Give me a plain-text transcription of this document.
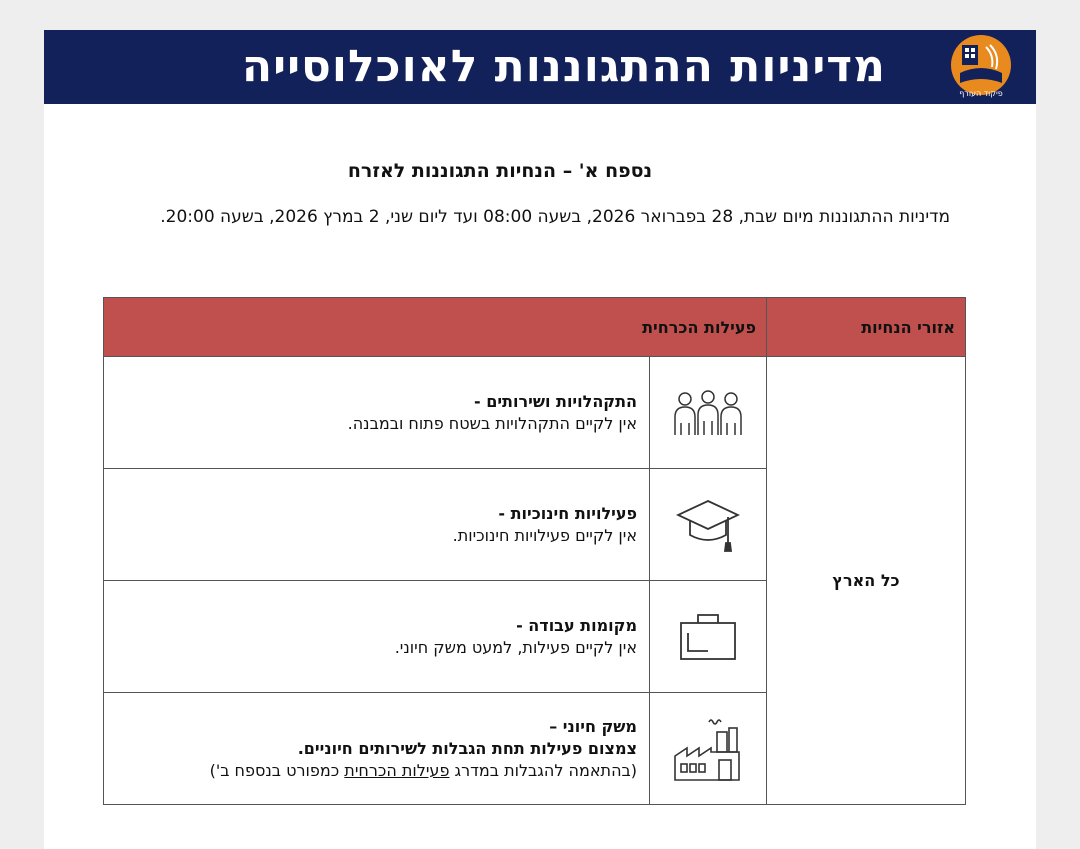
מדיניות ההתגוננות לאוכלוסייה
פיקוד העורף
נספח א' – הנחיות התגוננות לאזרח
מדיניות ההתגוננות מיום שבת, 28 בפברואר 2026, בשעה 08:00 ועד ליום שני, 2 במרץ 2026, בשעה 20:00.
אזורי הנחיות	פעילות הכרחית	
כל הארץ		התקהלויות ושירותים -
אין לקיים התקהלויות בשטח פתוח ובמבנה.

פעילויות חינוכיות -
אין לקיים פעילויות חינוכיות.

מקומות עבודה -
אין לקיים פעילות, למעט משק חיוני.

משק חיוני –
צמצום פעילות תחת הגבלות לשירותים חיוניים.
(בהתאמה להגבלות במדרג פעילות הכרחית כמפורט בנספח ב')
